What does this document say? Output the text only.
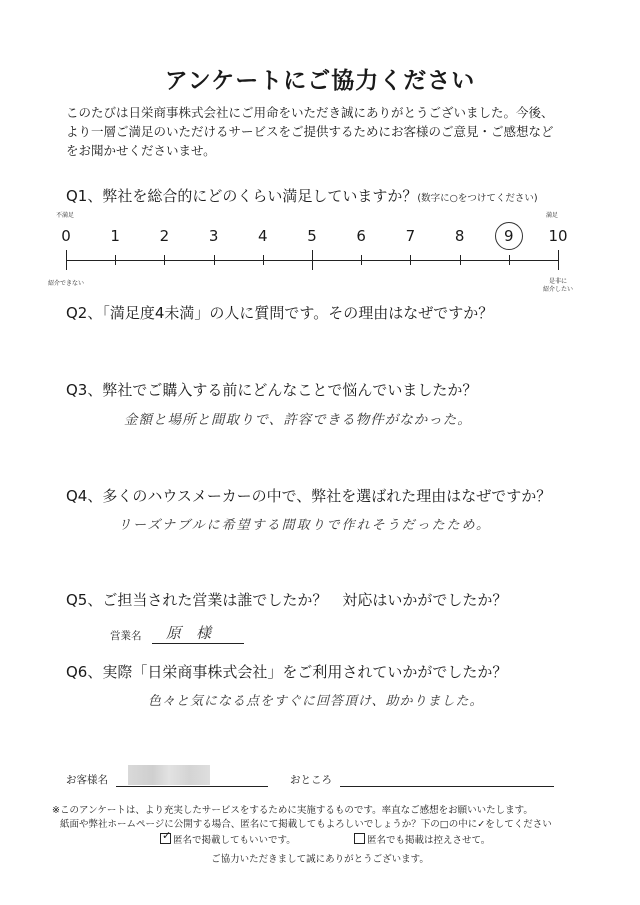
アンケートにご協力ください
このたびは日栄商事株式会社にご用命をいただき誠にありがとうございました。今後、
より一層ご満足のいただけるサービスをご提供するためにお客様のご意見・ご感想など
をお聞かせくださいませ。
Q1、弊社を総合的にどのくらい満足していますか？(数字に○をつけてください)
不満足	満足
0	1	2	3	4	5	6	7	8	9	10
紹介できない	是非に
紹介したい
Q2、「満足度4未満」の人に質問です。その理由はなぜですか？
Q3、弊社でご購入する前にどんなことで悩んでいましたか？
金額と場所と間取りで、許容できる物件がなかった。
Q4、多くのハウスメーカーの中で、弊社を選ばれた理由はなぜですか？
リーズナブルに希望する間取りで作れそうだったため。
Q5、ご担当された営業は誰でしたか？　対応はいかがでしたか？
営業名 原　様
Q6、実際「日栄商事株式会社」をご利用されていかがでしたか？
色々と気になる点をすぐに回答頂け、助かりました。
お客様名	おところ
※このアンケートは、より充実したサービスをするために実施するものです。率直なご感想をお願いいたします。
紙面や弊社ホームページに公開する場合、匿名にて掲載してもよろしいでしょうか？下の□の中に✓をしてください
✓ 匿名で掲載してもいいです。	匿名でも掲載は控えさせて。
ご協力いただきまして誠にありがとうございます。
